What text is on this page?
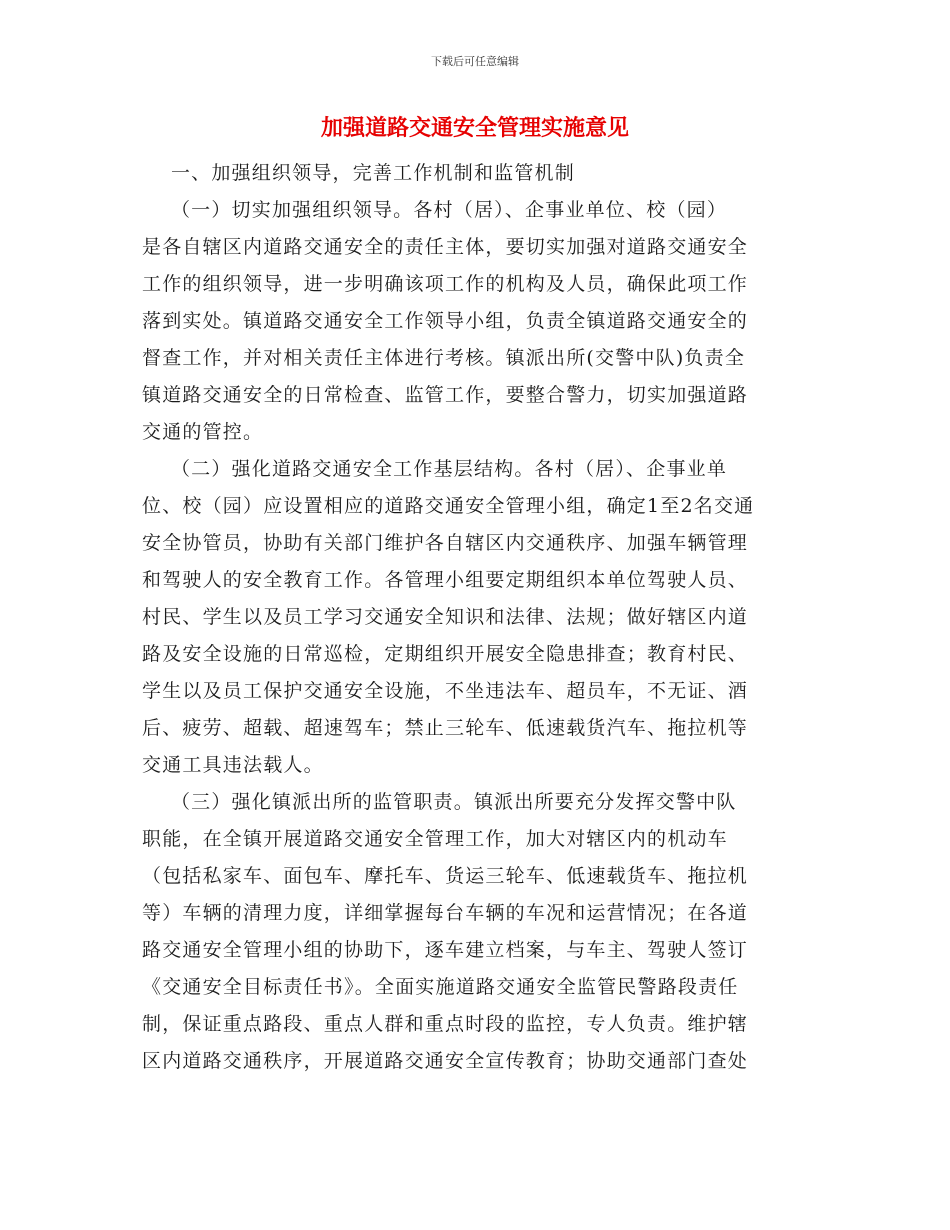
下载后可任意编辑
加强道路交通安全管理实施意见
一、加强组织领导，完善工作机制和监管机制
（一）切实加强组织领导。各村（居）、企事业单位、校（园）
是各自辖区内道路交通安全的责任主体，要切实加强对道路交通安全
工作的组织领导，进一步明确该项工作的机构及人员，确保此项工作
落到实处。镇道路交通安全工作领导小组，负责全镇道路交通安全的
督查工作，并对相关责任主体进行考核。镇派出所(交警中队)负责全
镇道路交通安全的日常检查、监管工作，要整合警力，切实加强道路
交通的管控。
（二）强化道路交通安全工作基层结构。各村（居）、企事业单
位、校（园）应设置相应的道路交通安全管理小组，确定1至2名交通
安全协管员，协助有关部门维护各自辖区内交通秩序、加强车辆管理
和驾驶人的安全教育工作。各管理小组要定期组织本单位驾驶人员、
村民、学生以及员工学习交通安全知识和法律、法规；做好辖区内道
路及安全设施的日常巡检，定期组织开展安全隐患排查；教育村民、
学生以及员工保护交通安全设施，不坐违法车、超员车，不无证、酒
后、疲劳、超载、超速驾车；禁止三轮车、低速载货汽车、拖拉机等
交通工具违法载人。
（三）强化镇派出所的监管职责。镇派出所要充分发挥交警中队
职能，在全镇开展道路交通安全管理工作，加大对辖区内的机动车
（包括私家车、面包车、摩托车、货运三轮车、低速载货车、拖拉机
等）车辆的清理力度，详细掌握每台车辆的车况和运营情况；在各道
路交通安全管理小组的协助下，逐车建立档案，与车主、驾驶人签订
《交通安全目标责任书》。全面实施道路交通安全监管民警路段责任
制，保证重点路段、重点人群和重点时段的监控，专人负责。维护辖
区内道路交通秩序，开展道路交通安全宣传教育；协助交通部门查处
